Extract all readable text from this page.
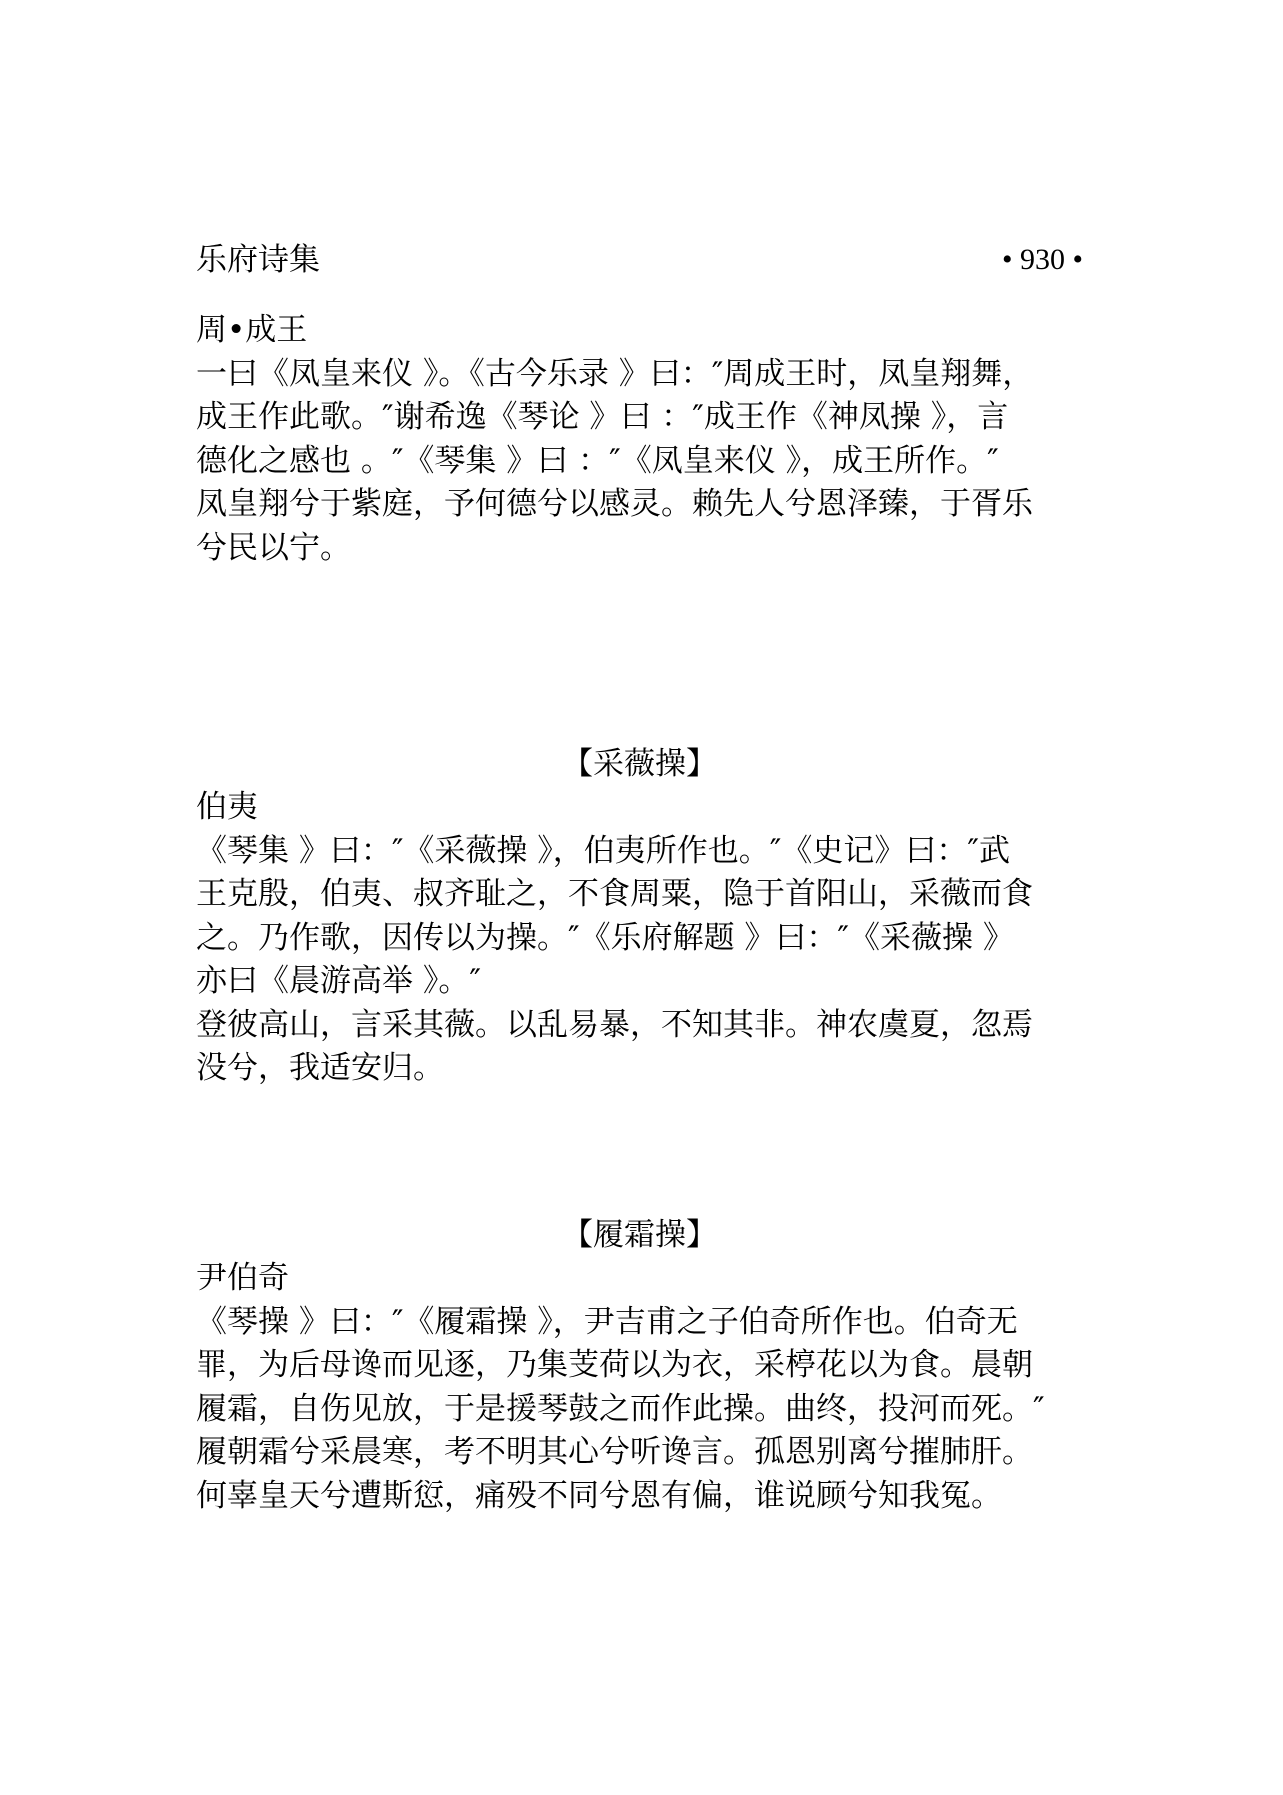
乐府诗集	• 930 •
周•成王
一曰《凤皇来仪 》。《古今乐录 》曰：″周成王时，凤皇翔舞，
成王作此歌。″谢希逸《琴论 》曰 ：″成王作《神凤操 》，言
德化之感也 。″《琴集 》曰 ：″《凤皇来仪 》，成王所作。″
凤皇翔兮于紫庭，予何德兮以感灵。赖先人兮恩泽臻，于胥乐
兮民以宁。
【采薇操】
伯夷
《琴集 》曰：″《采薇操 》，伯夷所作也。″《史记》曰：″武
王克殷，伯夷、叔齐耻之，不食周粟，隐于首阳山，采薇而食
之。乃作歌，因传以为操。″《乐府解题 》曰：″《采薇操 》
亦曰《晨游高举 》。″
登彼高山，言采其薇。以乱易暴，不知其非。神农虞夏，忽焉
没兮，我适安归。
【履霜操】
尹伯奇
《琴操 》曰：″《履霜操 》，尹吉甫之子伯奇所作也。伯奇无
罪，为后母谗而见逐，乃集芰荷以为衣，采楟花以为食。晨朝
履霜，自伤见放，于是援琴鼓之而作此操。曲终，投河而死。″
履朝霜兮采晨寒，考不明其心兮听谗言。孤恩别离兮摧肺肝。
何辜皇天兮遭斯愆，痛殁不同兮恩有偏，谁说顾兮知我冤。
